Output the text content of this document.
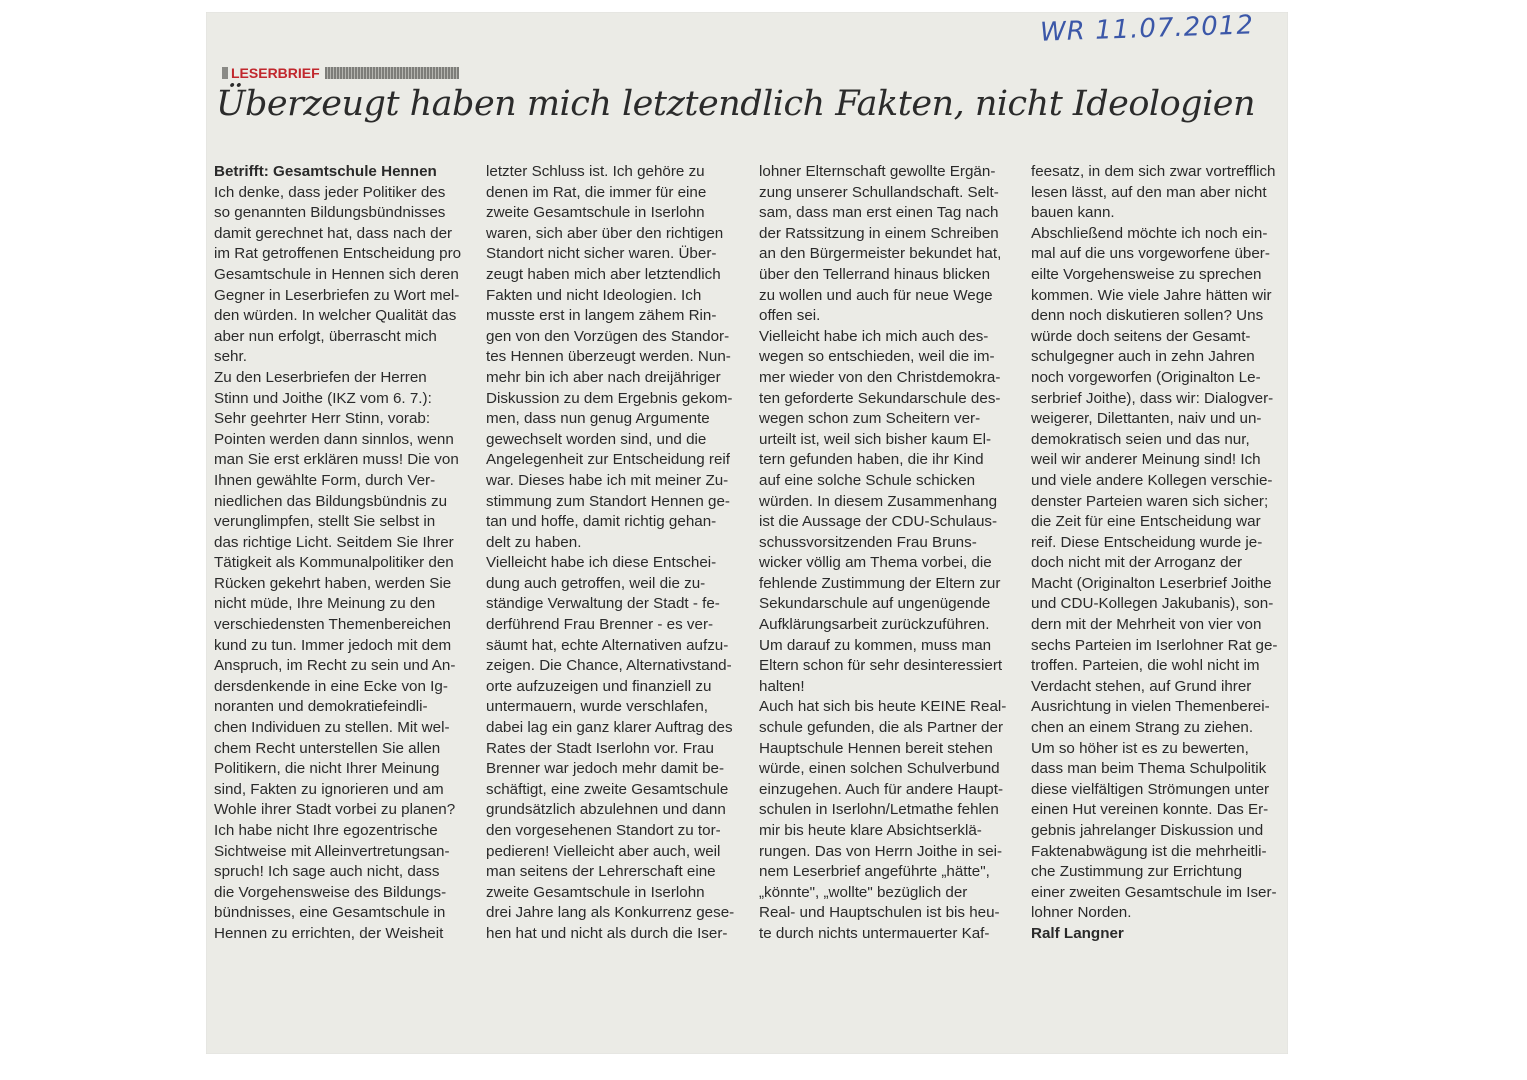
WR 11.07.2012
LESERBRIEF
Überzeugt haben mich letztendlich Fakten, nicht Ideologien
Betrifft: Gesamtschule Hennen
Ich denke, dass jeder Politiker des
so genannten Bildungsbündnisses
damit gerechnet hat, dass nach der
im Rat getroffenen Entscheidung pro
Gesamtschule in Hennen sich deren
Gegner in Leserbriefen zu Wort mel-
den würden. In welcher Qualität das
aber nun erfolgt, überrascht mich
sehr.
Zu den Leserbriefen der Herren
Stinn und Joithe (IKZ vom 6. 7.):
Sehr geehrter Herr Stinn, vorab:
Pointen werden dann sinnlos, wenn
man Sie erst erklären muss! Die von
Ihnen gewählte Form, durch Ver-
niedlichen das Bildungsbündnis zu
verunglimpfen, stellt Sie selbst in
das richtige Licht. Seitdem Sie Ihrer
Tätigkeit als Kommunalpolitiker den
Rücken gekehrt haben, werden Sie
nicht müde, Ihre Meinung zu den
verschiedensten Themenbereichen
kund zu tun. Immer jedoch mit dem
Anspruch, im Recht zu sein und An-
dersdenkende in eine Ecke von Ig-
noranten und demokratiefeindli-
chen Individuen zu stellen. Mit wel-
chem Recht unterstellen Sie allen
Politikern, die nicht Ihrer Meinung
sind, Fakten zu ignorieren und am
Wohle ihrer Stadt vorbei zu planen?
Ich habe nicht Ihre egozentrische
Sichtweise mit Alleinvertretungsan-
spruch! Ich sage auch nicht, dass
die Vorgehensweise des Bildungs-
bündnisses, eine Gesamtschule in
Hennen zu errichten, der Weisheit
letzter Schluss ist. Ich gehöre zu
denen im Rat, die immer für eine
zweite Gesamtschule in Iserlohn
waren, sich aber über den richtigen
Standort nicht sicher waren. Über-
zeugt haben mich aber letztendlich
Fakten und nicht Ideologien. Ich
musste erst in langem zähem Rin-
gen von den Vorzügen des Standor-
tes Hennen überzeugt werden. Nun-
mehr bin ich aber nach dreijähriger
Diskussion zu dem Ergebnis gekom-
men, dass nun genug Argumente
gewechselt worden sind, und die
Angelegenheit zur Entscheidung reif
war. Dieses habe ich mit meiner Zu-
stimmung zum Standort Hennen ge-
tan und hoffe, damit richtig gehan-
delt zu haben.
Vielleicht habe ich diese Entschei-
dung auch getroffen, weil die zu-
ständige Verwaltung der Stadt - fe-
derführend Frau Brenner - es ver-
säumt hat, echte Alternativen aufzu-
zeigen. Die Chance, Alternativstand-
orte aufzuzeigen und finanziell zu
untermauern, wurde verschlafen,
dabei lag ein ganz klarer Auftrag des
Rates der Stadt Iserlohn vor. Frau
Brenner war jedoch mehr damit be-
schäftigt, eine zweite Gesamtschule
grundsätzlich abzulehnen und dann
den vorgesehenen Standort zu tor-
pedieren! Vielleicht aber auch, weil
man seitens der Lehrerschaft eine
zweite Gesamtschule in Iserlohn
drei Jahre lang als Konkurrenz gese-
hen hat und nicht als durch die Iser-
lohner Elternschaft gewollte Ergän-
zung unserer Schullandschaft. Selt-
sam, dass man erst einen Tag nach
der Ratssitzung in einem Schreiben
an den Bürgermeister bekundet hat,
über den Tellerrand hinaus blicken
zu wollen und auch für neue Wege
offen sei.
Vielleicht habe ich mich auch des-
wegen so entschieden, weil die im-
mer wieder von den Christdemokra-
ten geforderte Sekundarschule des-
wegen schon zum Scheitern ver-
urteilt ist, weil sich bisher kaum El-
tern gefunden haben, die ihr Kind
auf eine solche Schule schicken
würden. In diesem Zusammenhang
ist die Aussage der CDU-Schulaus-
schussvorsitzenden Frau Bruns-
wicker völlig am Thema vorbei, die
fehlende Zustimmung der Eltern zur
Sekundarschule auf ungenügende
Aufklärungsarbeit zurückzuführen.
Um darauf zu kommen, muss man
Eltern schon für sehr desinteressiert
halten!
Auch hat sich bis heute KEINE Real-
schule gefunden, die als Partner der
Hauptschule Hennen bereit stehen
würde, einen solchen Schulverbund
einzugehen. Auch für andere Haupt-
schulen in Iserlohn/Letmathe fehlen
mir bis heute klare Absichtserklä-
rungen. Das von Herrn Joithe in sei-
nem Leserbrief angeführte „hätte",
„könnte", „wollte" bezüglich der
Real- und Hauptschulen ist bis heu-
te durch nichts untermauerter Kaf-
feesatz, in dem sich zwar vortrefflich
lesen lässt, auf den man aber nicht
bauen kann.
Abschließend möchte ich noch ein-
mal auf die uns vorgeworfene über-
eilte Vorgehensweise zu sprechen
kommen. Wie viele Jahre hätten wir
denn noch diskutieren sollen? Uns
würde doch seitens der Gesamt-
schulgegner auch in zehn Jahren
noch vorgeworfen (Originalton Le-
serbrief Joithe), dass wir: Dialogver-
weigerer, Dilettanten, naiv und un-
demokratisch seien und das nur,
weil wir anderer Meinung sind! Ich
und viele andere Kollegen verschie-
denster Parteien waren sich sicher;
die Zeit für eine Entscheidung war
reif. Diese Entscheidung wurde je-
doch nicht mit der Arroganz der
Macht (Originalton Leserbrief Joithe
und CDU-Kollegen Jakubanis), son-
dern mit der Mehrheit von vier von
sechs Parteien im Iserlohner Rat ge-
troffen. Parteien, die wohl nicht im
Verdacht stehen, auf Grund ihrer
Ausrichtung in vielen Themenberei-
chen an einem Strang zu ziehen.
Um so höher ist es zu bewerten,
dass man beim Thema Schulpolitik
diese vielfältigen Strömungen unter
einen Hut vereinen konnte. Das Er-
gebnis jahrelanger Diskussion und
Faktenabwägung ist die mehrheitli-
che Zustimmung zur Errichtung
einer zweiten Gesamtschule im Iser-
lohner Norden.
Ralf Langner
